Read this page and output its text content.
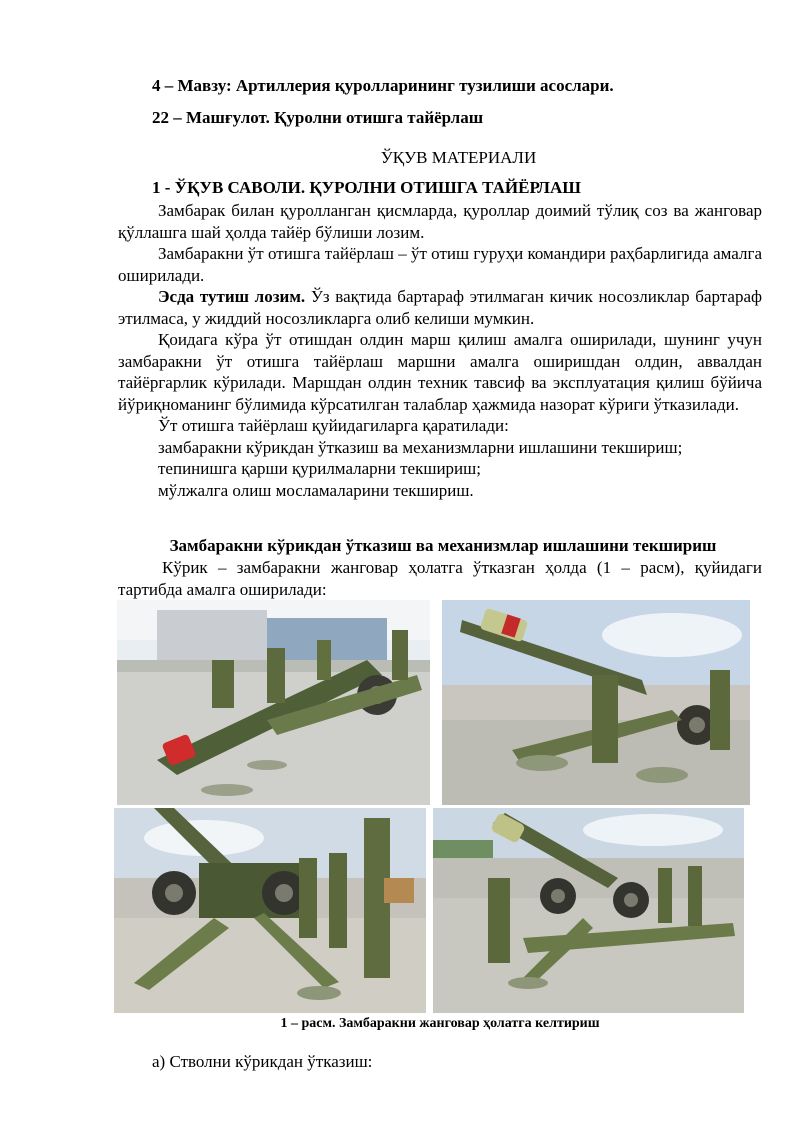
4 – Мавзу: Артиллерия қуролларининг тузилиши асослари.
22 – Машғулот. Қуролни отишга тайёрлаш
ЎҚУВ МАТЕРИАЛИ
1 - ЎҚУВ САВОЛИ. ҚУРОЛНИ ОТИШГА ТАЙЁРЛАШ

Замбарак билан қуролланган қисмларда, қуроллар доимий тўлиқ соз ва жанговар қўллашга шай ҳолда тайёр бўлиши лозим.

Замбаракни ўт отишга тайёрлаш – ўт отиш гуруҳи командири раҳбарлигида амалга оширилади.

Эсда тутиш лозим. Ўз вақтида бартараф этилмаган кичик носозликлар бартараф этилмаса, у жиддий носозликларга олиб келиши мумкин.

Қоидага кўра ўт отишдан олдин марш қилиш амалга оширилади, шунинг учун замбаракни ўт отишга тайёрлаш маршни амалга оширишдан олдин, аввалдан тайёргарлик кўрилади. Маршдан олдин техник тавсиф ва эксплуатация қилиш бўйича йўриқноманинг бўлимида кўрсатилган талаблар ҳажмида назорат кўриги ўтказилади.

Ўт отишга тайёрлаш қуйидагиларга қаратилади:

замбаракни кўрикдан ўтказиш ва механизмларни ишлашини текшириш;

тепинишга қарши қурилмаларни текшириш;

мўлжалга олиш мосламаларини текшириш.

Замбаракни кўрикдан ўтказиш ва механизмлар ишлашини текшириш
Кўрик – замбаракни жанговар ҳолатга ўтказган ҳолда (1 – расм), қуйидаги тартибда амалга оширилади:
1 – расм. Замбаракни жанговар ҳолатга келтириш
а) Стволни кўрикдан ўтказиш:
